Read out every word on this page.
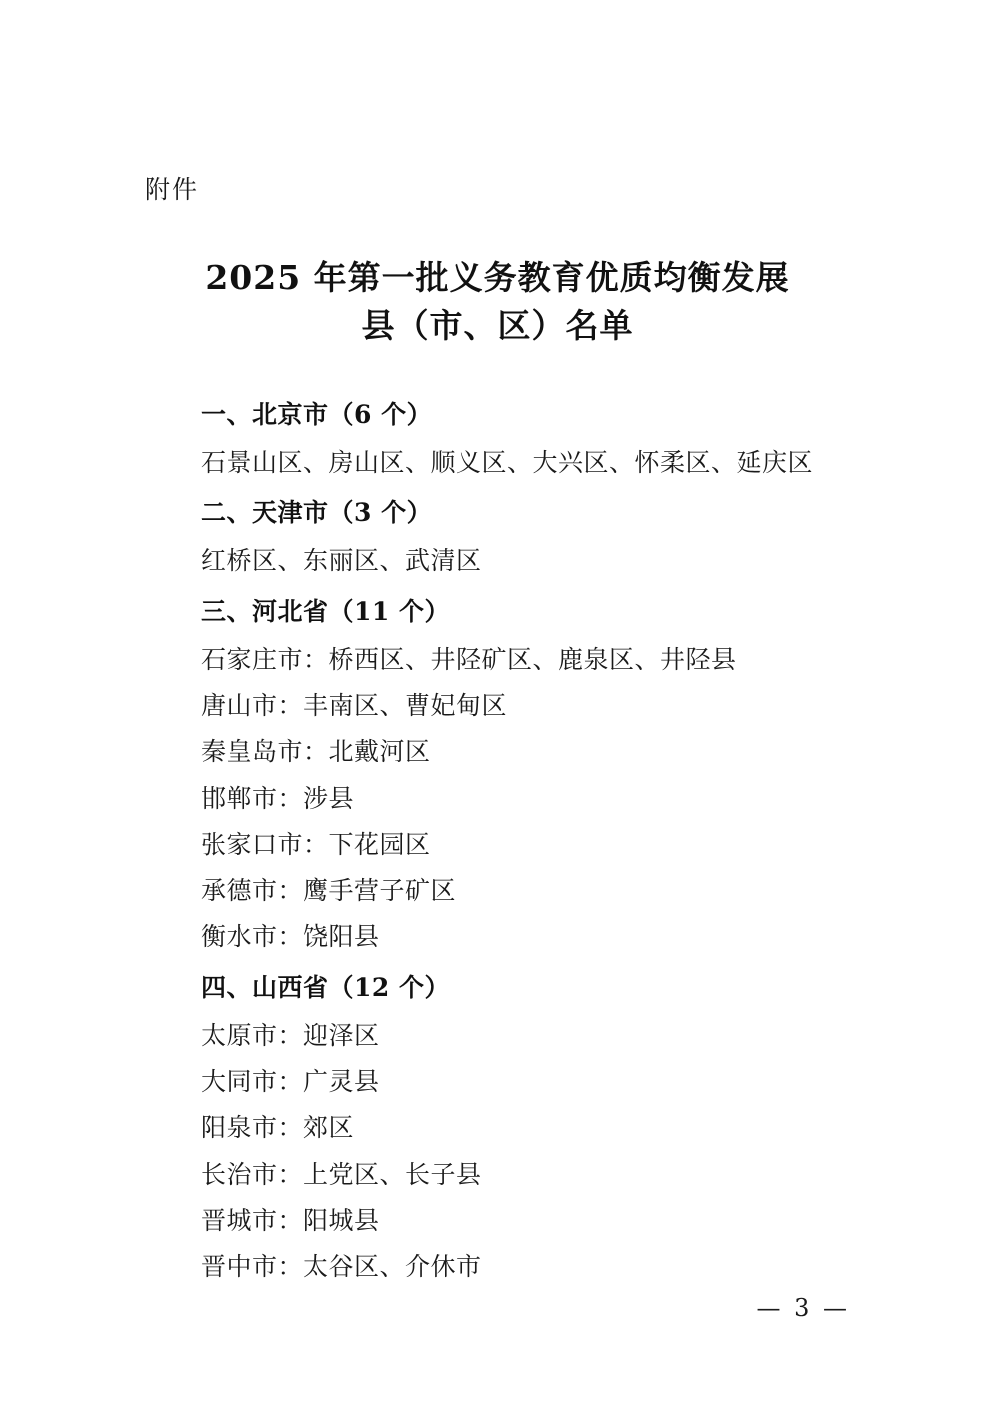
附件
2025 年第一批义务教育优质均衡发展
县（市、区）名单
一、北京市（6 个）
石景山区、房山区、顺义区、大兴区、怀柔区、延庆区
二、天津市（3 个）
红桥区、东丽区、武清区
三、河北省（11 个）
石家庄市：桥西区、井陉矿区、鹿泉区、井陉县
唐山市：丰南区、曹妃甸区
秦皇岛市：北戴河区
邯郸市：涉县
张家口市：下花园区
承德市：鹰手营子矿区
衡水市：饶阳县
四、山西省（12 个）
太原市：迎泽区
大同市：广灵县
阳泉市：郊区
长治市：上党区、长子县
晋城市：阳城县
晋中市：太谷区、介休市
— 3 —
